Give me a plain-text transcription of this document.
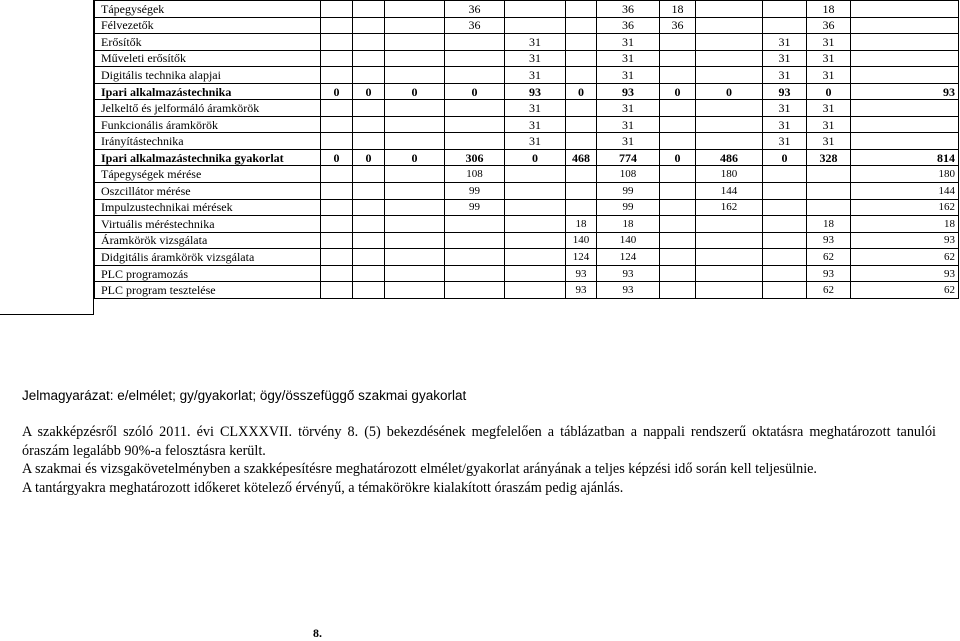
Tápegységek				36			36	18			18	
Félvezetők				36			36	36			36	
Erősítők					31		31			31	31	
Műveleti erősítők					31		31			31	31	
Digitális technika alapjai					31		31			31	31	
Ipari alkalmazástechnika	0	0	0	0	93	0	93	0	0	93	0	93
Jelkeltő és jelformáló áramkörök					31		31			31	31	
Funkcionális áramkörök					31		31			31	31	
Irányítástechnika					31		31			31	31	
Ipari alkalmazástechnika gyakorlat	0	0	0	306	0	468	774	0	486	0	328	814
Tápegységek mérése				108			108		180			180
Oszcillátor mérése				99			99		144			144
Impulzustechnikai mérések				99			99		162			162
Virtuális méréstechnika						18	18				18	18
Áramkörök vizsgálata						140	140				93	93
Didgitális áramkörök vizsgálata						124	124				62	62
PLC programozás						93	93				93	93
PLC program tesztelése						93	93				62	62
Jelmagyarázat: e/elmélet; gy/gyakorlat; ögy/összefüggő szakmai gyakorlat

A szakképzésről szóló 2011. évi CLXXXVII. törvény 8. (5) bekezdésének megfelelően a táblázatban a nappali rendszerű oktatásra meghatározott tanulói óraszám legalább 90%-a felosztásra került.

A szakmai és vizsgakövetelményben a szakképesítésre meghatározott elmélet/gyakorlat arányának a teljes képzési idő során kell teljesülnie.

A tantárgyakra meghatározott időkeret kötelező érvényű, a témakörökre kialakított óraszám pedig ajánlás.

8.
